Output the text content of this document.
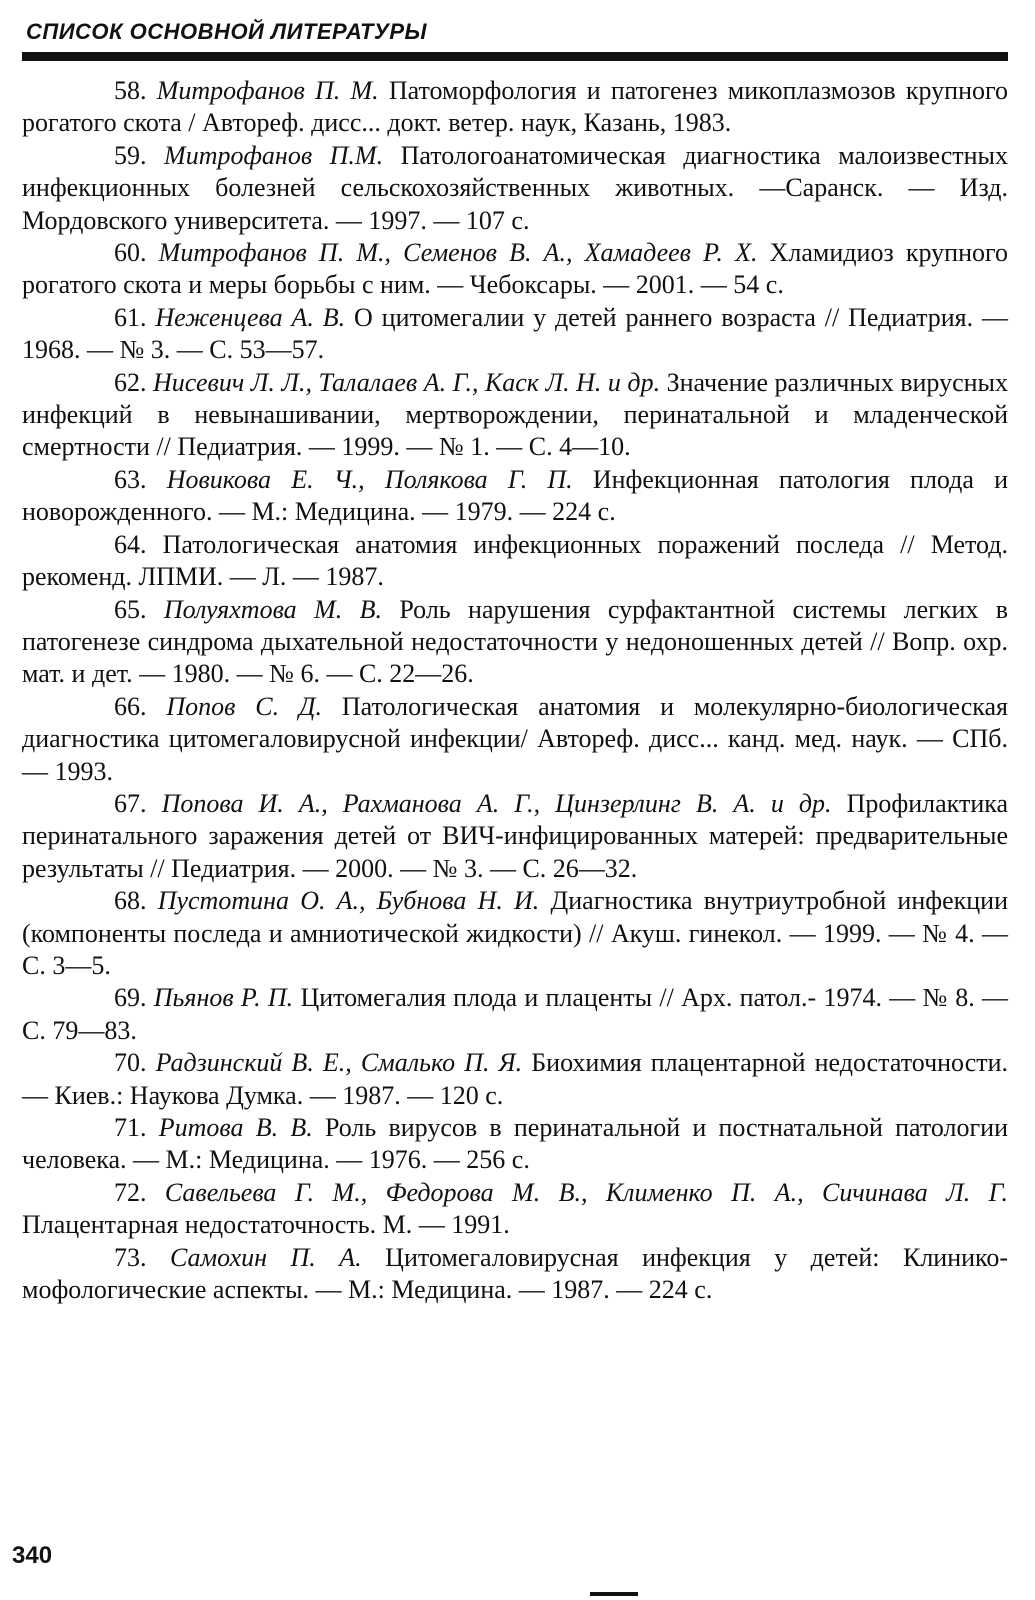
СПИСОК ОСНОВНОЙ ЛИТЕРАТУРЫ

58. Митрофанов П. М. Патоморфология и патогенез микоплазмозов крупного рогатого скота / Автореф. дисс... докт. ветер. наук, Казань, 1983.

59. Митрофанов П.М. Патологоанатомическая диагностика малоизвестных инфекционных болезней сельскохозяйственных животных. —Саранск. — Изд. Мордовского университета. — 1997. — 107 с.

60. Митрофанов П. М., Семенов В. А., Хамадеев Р. Х. Хламидиоз крупного рогатого скота и меры борьбы с ним. — Чебоксары. — 2001. — 54 с.

61. Неженцева А. В. О цитомегалии у детей раннего возраста // Педиатрия. — 1968. — № 3. — С. 53—57.

62. Нисевич Л. Л., Талалаев А. Г., Каск Л. Н. и др. Значение различных вирусных инфекций в невынашивании, мертворождении, перинатальной и младенческой смертности // Педиатрия. — 1999. — № 1. — С. 4—10.

63. Новикова Е. Ч., Полякова Г. П. Инфекционная патология плода и новорожденного. — М.: Медицина. — 1979. — 224 с.

64. Патологическая анатомия инфекционных поражений последа // Метод. рекоменд. ЛПМИ. — Л. — 1987.

65. Полуяхтова М. В. Роль нарушения сурфактантной системы легких в патогенезе синдрома дыхательной недостаточности у недоношенных детей // Вопр. охр. мат. и дет. — 1980. — № 6. — С. 22—26.

66. Попов С. Д. Патологическая анатомия и молекулярно-биологическая диагностика цитомегаловирусной инфекции/ Автореф. дисс... канд. мед. наук. — СПб. — 1993.

67. Попова И. А., Рахманова А. Г., Цинзерлинг В. А. и др. Профилактика перинатального заражения детей от ВИЧ-инфицированных матерей: предварительные результаты // Педиатрия. — 2000. — № 3. — С. 26—32.

68. Пустотина О. А., Бубнова Н. И. Диагностика внутриутробной инфекции (компоненты последа и амниотической жидкости) // Акуш. гинекол. — 1999. — № 4. — С. 3—5.

69. Пьянов Р. П. Цитомегалия плода и плаценты // Арх. патол.- 1974. — № 8. — С. 79—83.

70. Радзинский В. Е., Смалько П. Я. Биохимия плацентарной недостаточности. — Киев.: Наукова Думка. — 1987. — 120 с.

71. Ритова В. В. Роль вирусов в перинатальной и постнатальной патологии человека. — М.: Медицина. — 1976. — 256 с.

72. Савельева Г. М., Федорова М. В., Клименко П. А., Сичинава Л. Г. Плацентарная недостаточность. М. — 1991.

73. Самохин П. А. Цитомегаловирусная инфекция у детей: Клинико-мофологические аспекты. — М.: Медицина. — 1987. — 224 с.

340
